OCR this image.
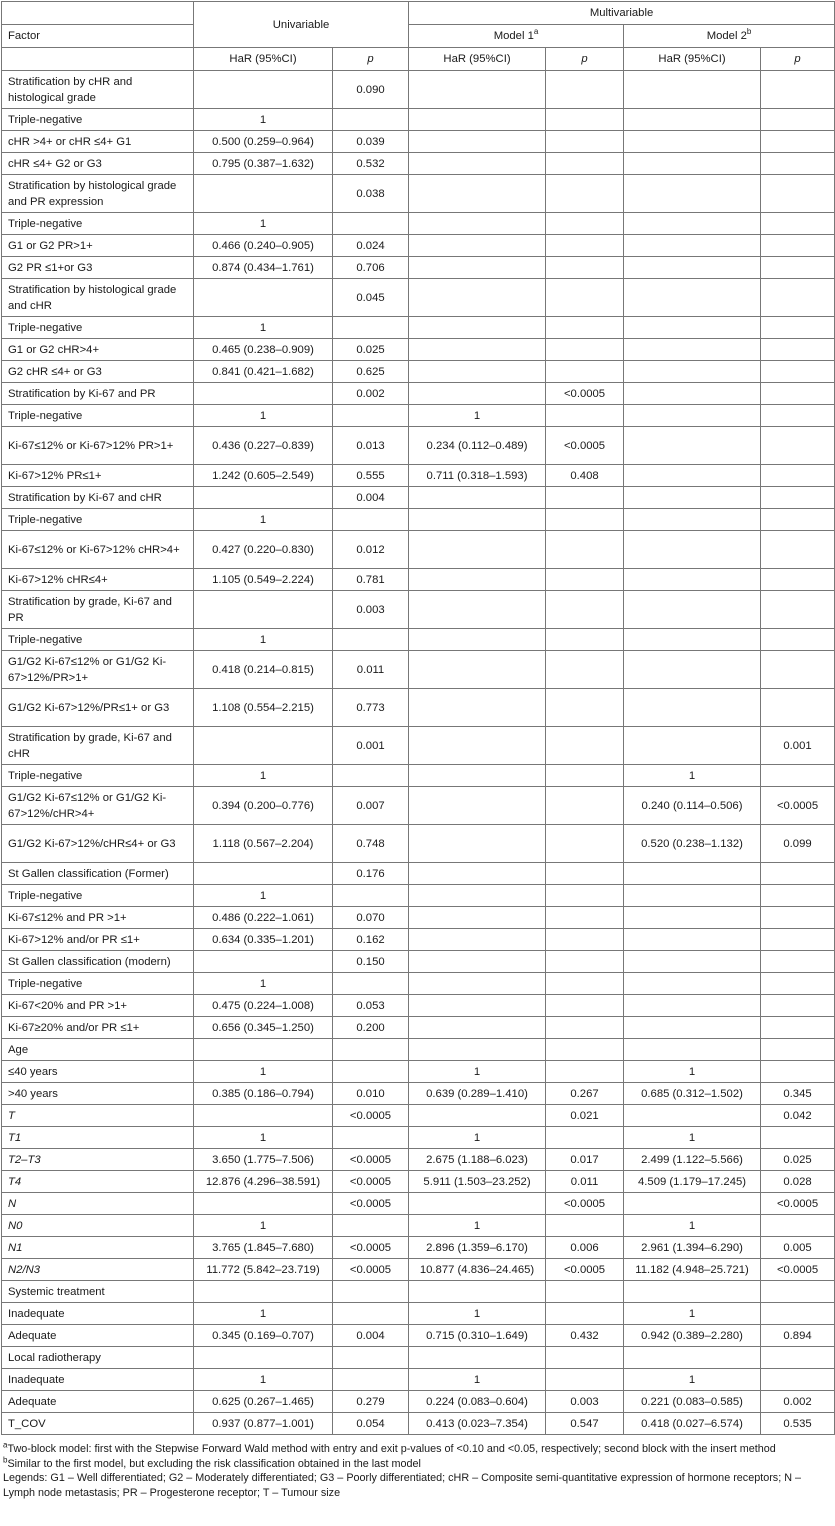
	Univariable		Multivariable			
Factor			Model 1$^a$		Model 2$^b$
	HaR (95%CI)	p	HaR (95%CI)	p	HaR (95%CI)	p
Stratification by cHR and histological grade		0.090				
Triple-negative	1					
cHR >4+ or cHR ≤4+ G1	0.500 (0.259–0.964)	0.039				
cHR ≤4+ G2 or G3	0.795 (0.387–1.632)	0.532				
Stratification by histological grade and PR expression		0.038				
Triple-negative	1					
G1 or G2 PR>1+	0.466 (0.240–0.905)	0.024				
G2 PR ≤1+or G3	0.874 (0.434–1.761)	0.706				
Stratification by histological grade and cHR		0.045				
Triple-negative	1					
G1 or G2 cHR>4+	0.465 (0.238–0.909)	0.025				
G2 cHR ≤4+ or G3	0.841 (0.421–1.682)	0.625				
Stratification by Ki-67 and PR		0.002		<0.0005		
Triple-negative	1		1			
Ki-67≤12% or Ki-67>12% PR>1+	0.436 (0.227–0.839)	0.013	0.234 (0.112–0.489)	<0.0005		
Ki-67>12% PR≤1+	1.242 (0.605–2.549)	0.555	0.711 (0.318–1.593)	0.408		
Stratification by Ki-67 and cHR		0.004				
Triple-negative	1					
Ki-67≤12% or Ki-67>12% cHR>4+	0.427 (0.220–0.830)	0.012				
Ki-67>12% cHR≤4+	1.105 (0.549–2.224)	0.781				
Stratification by grade, Ki-67 and PR		0.003				
Triple-negative	1					
G1/G2 Ki-67≤12% or G1/G2 Ki-67>12%/PR>1+	0.418 (0.214–0.815)	0.011				
G1/G2 Ki-67>12%/PR≤1+ or G3	1.108 (0.554–2.215)	0.773				
Stratification by grade, Ki-67 and cHR		0.001				0.001
Triple-negative	1				1	
G1/G2 Ki-67≤12% or G1/G2 Ki-67>12%/cHR>4+	0.394 (0.200–0.776)	0.007			0.240 (0.114–0.506)	<0.0005
G1/G2 Ki-67>12%/cHR≤4+ or G3	1.118 (0.567–2.204)	0.748			0.520 (0.238–1.132)	0.099
St Gallen classification (Former)		0.176				
Triple-negative	1					
Ki-67≤12% and PR >1+	0.486 (0.222–1.061)	0.070				
Ki-67>12% and/or PR ≤1+	0.634 (0.335–1.201)	0.162				
St Gallen classification (modern)		0.150				
Triple-negative	1					
Ki-67<20% and PR >1+	0.475 (0.224–1.008)	0.053				
Ki-67≥20% and/or PR ≤1+	0.656 (0.345–1.250)	0.200				
Age						
≤40 years	1		1		1	
>40 years	0.385 (0.186–0.794)	0.010	0.639 (0.289–1.410)	0.267	0.685 (0.312–1.502)	0.345
T		<0.0005		0.021		0.042
T1	1		1		1	
T2–T3	3.650 (1.775–7.506)	<0.0005	2.675 (1.188–6.023)	0.017	2.499 (1.122–5.566)	0.025
T4	12.876 (4.296–38.591)	<0.0005	5.911 (1.503–23.252)	0.011	4.509 (1.179–17.245)	0.028
N		<0.0005		<0.0005		<0.0005
N0	1		1		1	
N1	3.765 (1.845–7.680)	<0.0005	2.896 (1.359–6.170)	0.006	2.961 (1.394–6.290)	0.005
N2/N3	11.772 (5.842–23.719)	<0.0005	10.877 (4.836–24.465)	<0.0005	11.182 (4.948–25.721)	<0.0005
Systemic treatment						
Inadequate	1		1		1	
Adequate	0.345 (0.169–0.707)	0.004	0.715 (0.310–1.649)	0.432	0.942 (0.389–2.280)	0.894
Local radiotherapy						
Inadequate	1		1		1	
Adequate	0.625 (0.267–1.465)	0.279	0.224 (0.083–0.604)	0.003	0.221 (0.083–0.585)	0.002
T_COV	0.937 (0.877–1.001)	0.054	0.413 (0.023–7.354)	0.547	0.418 (0.027–6.574)	0.535
$^a$Two-block model: first with the Stepwise Forward Wald method with entry and exit p-values of <0.10 and <0.05, respectively; second block with the insert method
$^b$Similar to the first model, but excluding the risk classification obtained in the last model
Legends: G1 – Well differentiated; G2 – Moderately differentiated; G3 – Poorly differentiated; cHR – Composite semi-quantitative expression of hormone receptors; N – Lymph node metastasis; PR – Progesterone receptor; T – Tumour size
